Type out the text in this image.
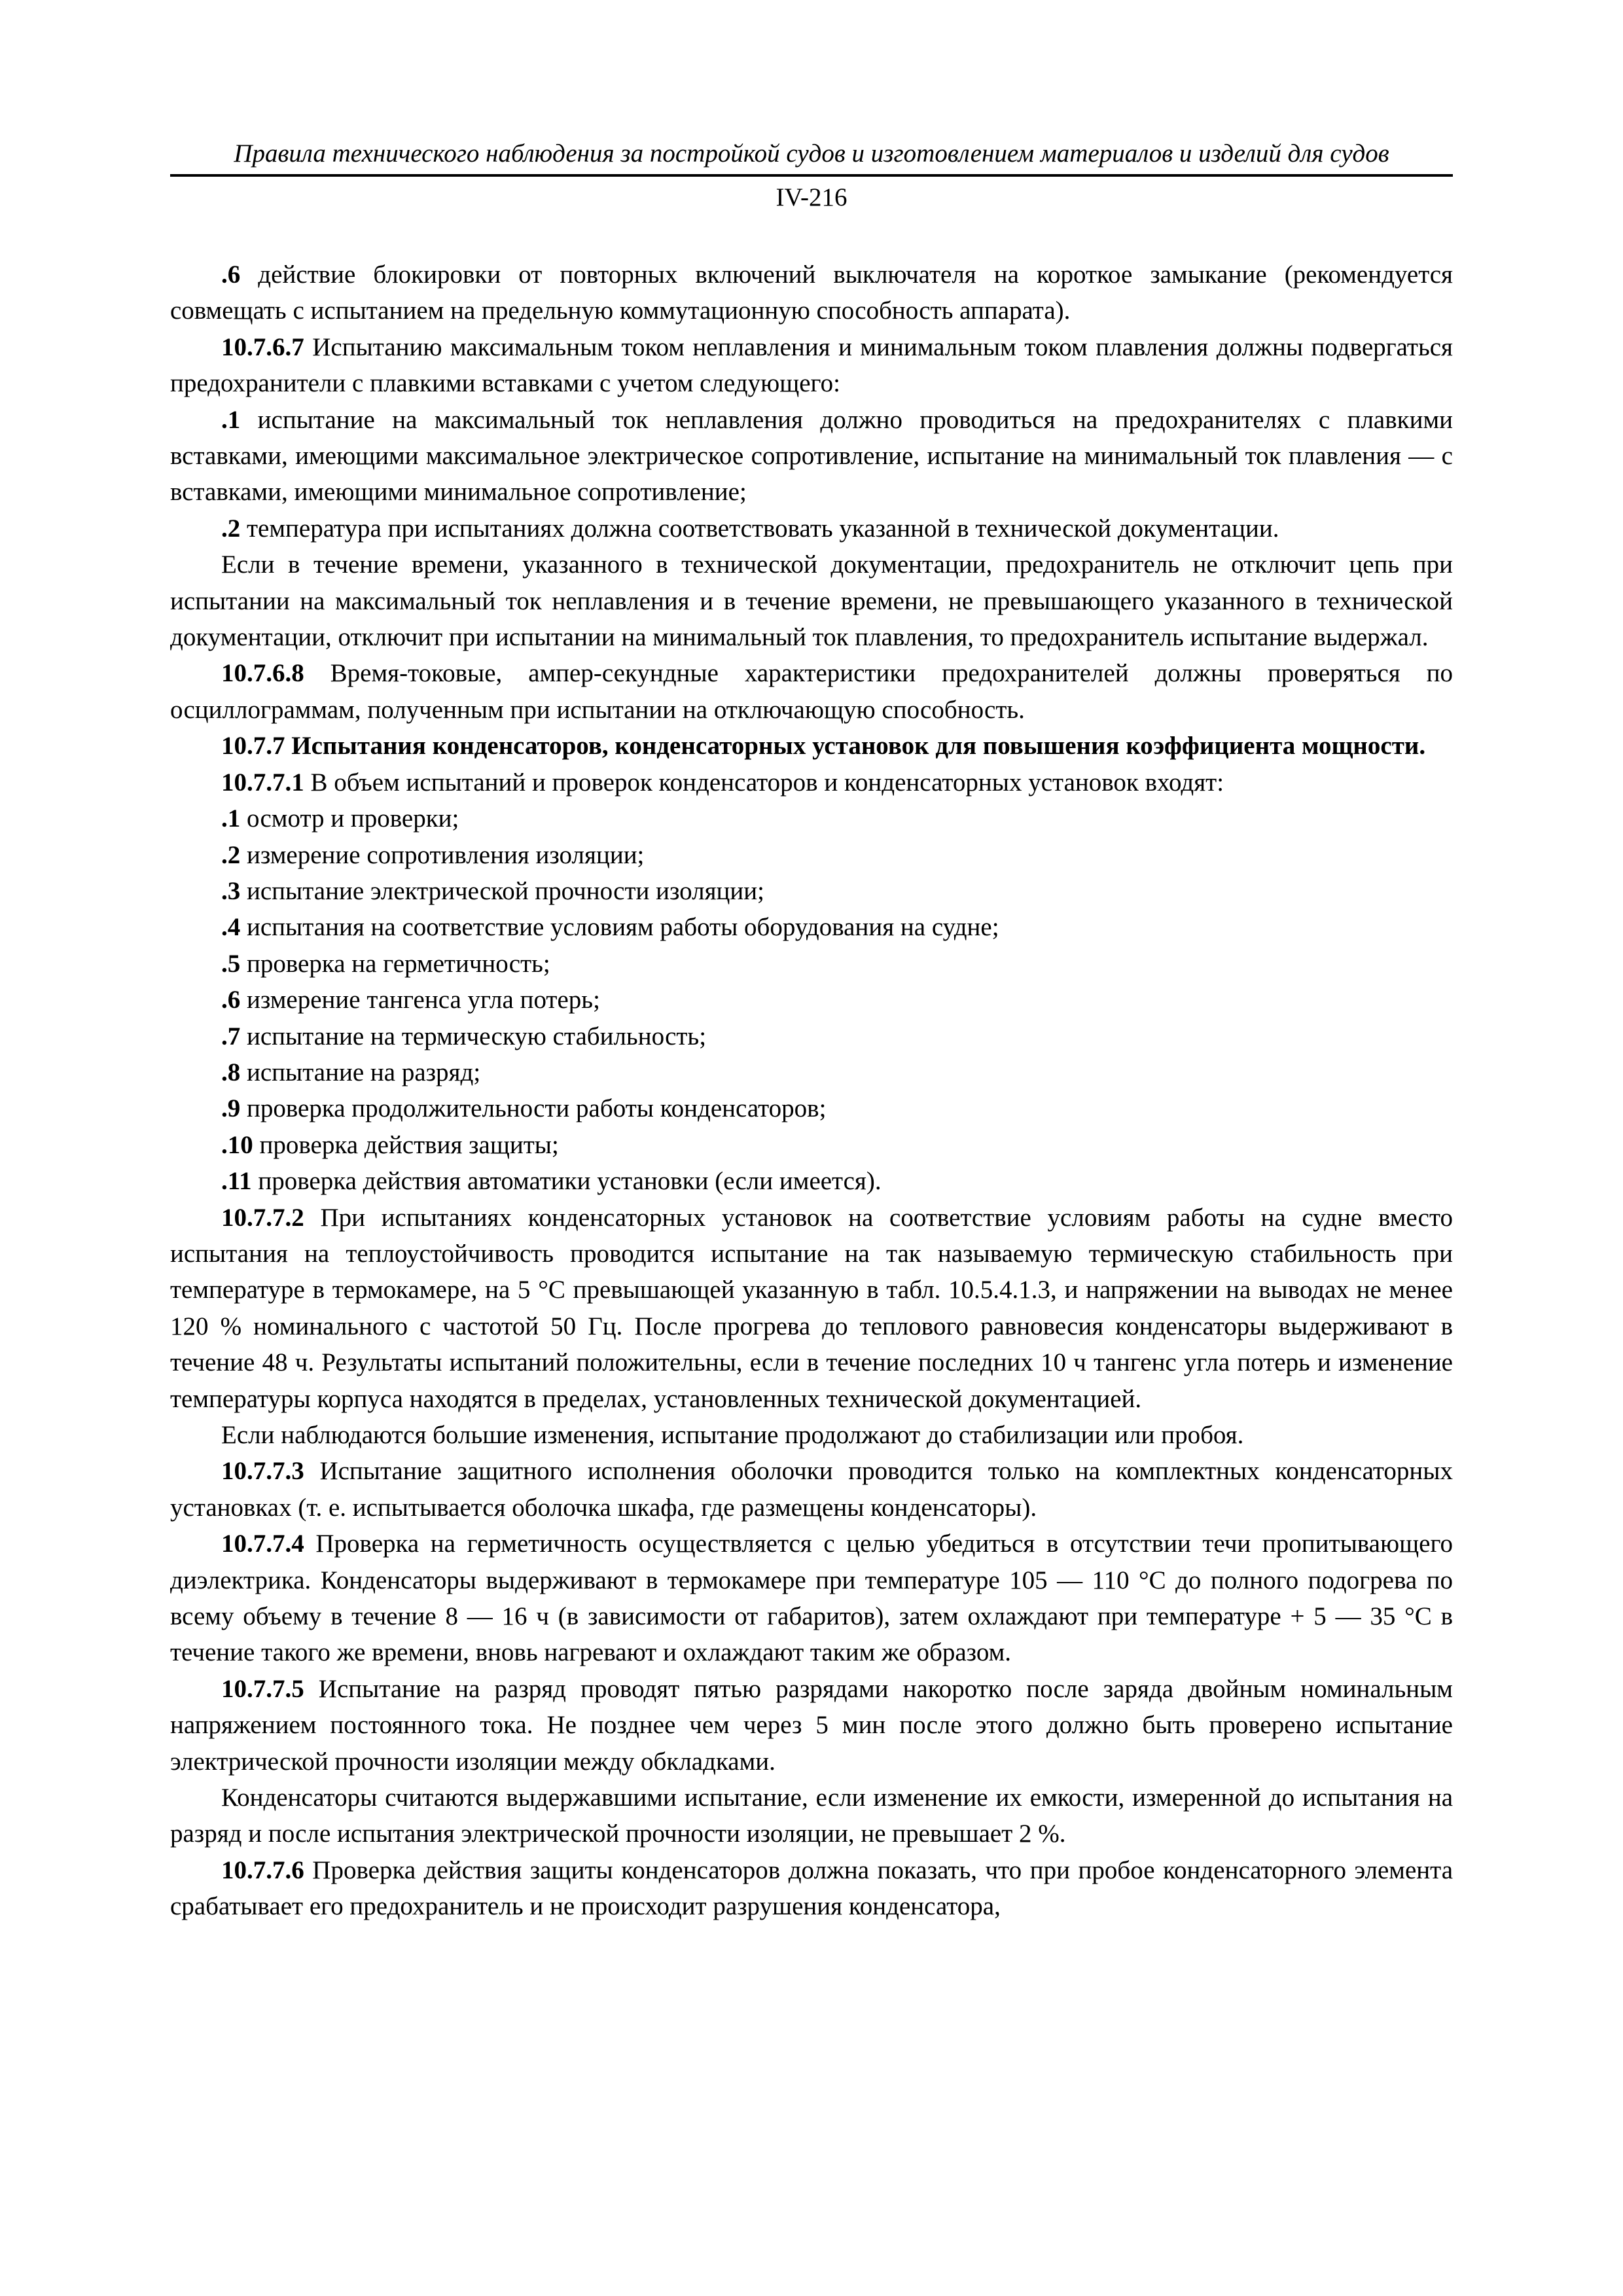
Правила технического наблюдения за постройкой судов и изготовлением материалов и изделий для судов
IV-216

.6 действие блокировки от повторных включений выключателя на короткое замыкание (рекомендуется совмещать с испытанием на предельную коммутационную способность аппарата).

10.7.6.7 Испытанию максимальным током неплавления и минимальным током плавления должны подвергаться предохранители с плавкими вставками с учетом следующего:

.1 испытание на максимальный ток неплавления должно проводиться на предохранителях с плавкими вставками, имеющими максимальное электрическое сопротивление, испытание на минимальный ток плавления — с вставками, имеющими минимальное сопротивление;

.2 температура при испытаниях должна соответствовать указанной в технической документации.

Если в течение времени, указанного в технической документации, предохранитель не отключит цепь при испытании на максимальный ток неплавления и в течение времени, не превышающего указанного в технической документации, отключит при испытании на минимальный ток плавления, то предохранитель испытание выдержал.

10.7.6.8 Время-токовые, ампер-секундные характеристики предохранителей должны проверяться по осциллограммам, полученным при испытании на отключающую способность.

10.7.7 Испытания конденсаторов, конденсаторных установок для повышения коэффициента мощности.

10.7.7.1 В объем испытаний и проверок конденсаторов и конденсаторных установок входят:

.1 осмотр и проверки;

.2 измерение сопротивления изоляции;

.3 испытание электрической прочности изоляции;

.4 испытания на соответствие условиям работы оборудования на судне;

.5 проверка на герметичность;

.6 измерение тангенса угла потерь;

.7 испытание на термическую стабильность;

.8 испытание на разряд;

.9 проверка продолжительности работы конденсаторов;

.10 проверка действия защиты;

.11 проверка действия автоматики установки (если имеется).

10.7.7.2 При испытаниях конденсаторных установок на соответствие условиям работы на судне вместо испытания на теплоустойчивость проводится испытание на так называемую термическую стабильность при температуре в термокамере, на 5 °С превышающей указанную в табл. 10.5.4.1.3, и напряжении на выводах не менее 120 % номинального с частотой 50 Гц. После прогрева до теплового равновесия конденсаторы выдерживают в течение 48 ч. Результаты испытаний положительны, если в течение последних 10 ч тангенс угла потерь и изменение температуры корпуса находятся в пределах, установленных технической документацией.

Если наблюдаются большие изменения, испытание продолжают до стабилизации или пробоя.

10.7.7.3 Испытание защитного исполнения оболочки проводится только на комплектных конденсаторных установках (т. е. испытывается оболочка шкафа, где размещены конденсаторы).

10.7.7.4 Проверка на герметичность осуществляется с целью убедиться в отсутствии течи пропитывающего диэлектрика. Конденсаторы выдерживают в термокамере при температуре 105 — 110 °С до полного подогрева по всему объему в течение 8 — 16 ч (в зависимости от габаритов), затем охлаждают при температуре + 5 — 35 °С в течение такого же времени, вновь нагревают и охлаждают таким же образом.

10.7.7.5 Испытание на разряд проводят пятью разрядами накоротко после заряда двойным номинальным напряжением постоянного тока. Не позднее чем через 5 мин после этого должно быть проверено испытание электрической прочности изоляции между обкладками.

Конденсаторы считаются выдержавшими испытание, если изменение их емкости, измеренной до испытания на разряд и после испытания электрической прочности изоляции, не превышает 2 %.

10.7.7.6 Проверка действия защиты конденсаторов должна показать, что при пробое конденсаторного элемента срабатывает его предохранитель и не происходит разрушения конденсатора,
